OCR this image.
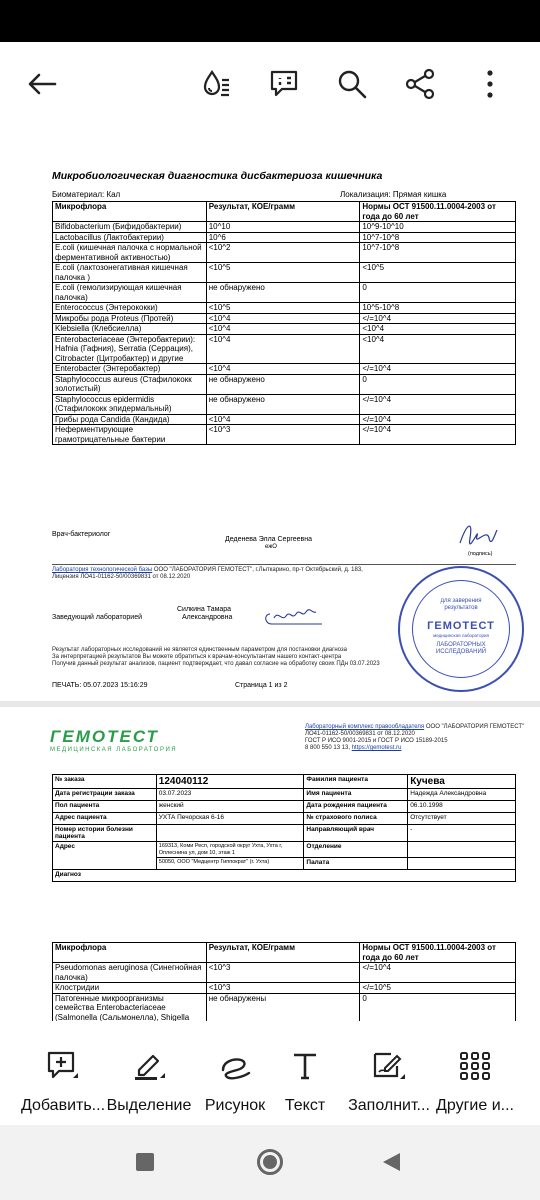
Микробиологическая диагностика дисбактериоза кишечника
Биоматериал: Кал	Локализация: Прямая кишка
Микрофлора	Результат, КОЕ/грамм	Нормы ОСТ 91500.11.0004-2003 от года до 60 лет
Bifidobacterium (Бифидобактерии)	10^10	10^9-10^10
Lactobacillus (Лактобактерии)	10^6	10^7-10^8
E.coli (кишечная палочка с нормальной ферментативной активностью)	<10^2	10^7-10^8
E.coli (лактозонегативная кишечная палочка )	<10^5	<10^5
E.coli (гемолизирующая кишечная палочка)	не обнаружено	0
Enterococcus (Энтерококки)	<10^5	10^5-10^8
Микробы рода Proteus (Протей)	<10^4	</=10^4
Klebsiella (Клебсиелла)	<10^4	<10^4
Enterobacteriaceae (Энтеробактерии): Hafnia (Гафния), Serratia (Серрация), Citrobacter (Цитробактер) и другие	<10^4	<10^4
Enterobacter (Энтеробактер)	<10^4	</=10^4
Staphylococcus aureus (Стафилококк золотистый)	не обнаружено	0
Staphylococcus epidermidis (Стафилококк эпидермальный)	не обнаружено	</=10^4
Грибы рода Candida (Кандида)	<10^4	</=10^4
Неферментирующие грамотрицательные бактерии	<10^3	</=10^4
Врач-бактериолог
Деденева Элла Сергеевна
ежО
(подпись)
Лаборатория технологической базы ООО "ЛАБОРАТОРИЯ ГЕМОТЕСТ", г.Лыткарино, пр-т Октябрьский, д. 183,
Лицензия ЛО41-01162-50/00369831 от 08.12.2020
Заведующий лабораторией
Силкина Тамара
Александровна
Результат лабораторных исследований не является единственным параметром для постановки диагноза
За интерпретацией результатов Вы можете обратиться к врачам-консультантам нашего контакт-центра
Получив данный результат анализов, пациент подтверждает, что давал согласие на обработку своих ПДн 03.07.2023
ПЕЧАТЬ: 05.07.2023 15:16:29	Страница 1 из 2
для заверения результатов
ГЕМОТЕСТ
медицинская лаборатория
ЛАБОРАТОРНЫХ ИССЛЕДОВАНИЙ
ГЕМОТЕСТ
МЕДИЦИНСКАЯ ЛАБОРАТОРИЯ
Лабораторный комплекс правообладателя ООО "ЛАБОРАТОРИЯ ГЕМОТЕСТ"
ЛО41-01162-50/00369831 от 08.12.2020
ГОСТ Р ИСО 9001-2015 и ГОСТ Р ИСО 15189-2015
8 800 550 13 13, https://gemotest.ru
№ заказа	124040112	Фамилия пациента	Кучева
Дата регистрации заказа	03.07.2023	Имя пациента	Надежда Александровна
Пол пациента	женский	Дата рождения пациента	06.10.1998
Адрес пациента	УХТА Печорская 6-16	№ страхового полиса	Отсутствует
Номер истории болезни пациента		Направляющий врач	-
Адрес	169313, Коми Респ, городской округ Ухта, Ухта г, Оплеснина ул, дом 10, этаж 1	Отделение	
	50050, ООО "Медцентр Гиппократ" (г. Ухта)	Палата	
Диагноз			
Микрофлора	Результат, КОЕ/грамм	Нормы ОСТ 91500.11.0004-2003 от года до 60 лет
Pseudomonas aeruginosa (Синегнойная палочка)	<10^3	</=10^4
Клостридии	<10^3	</=10^5
Патогенные микроорганизмы семейства Enterobacteriaceae (Salmonella (Сальмонелла), Shigella	не обнаружены	0
Добавить... Выделение Рисунок Текст Заполнит... Другие и...
